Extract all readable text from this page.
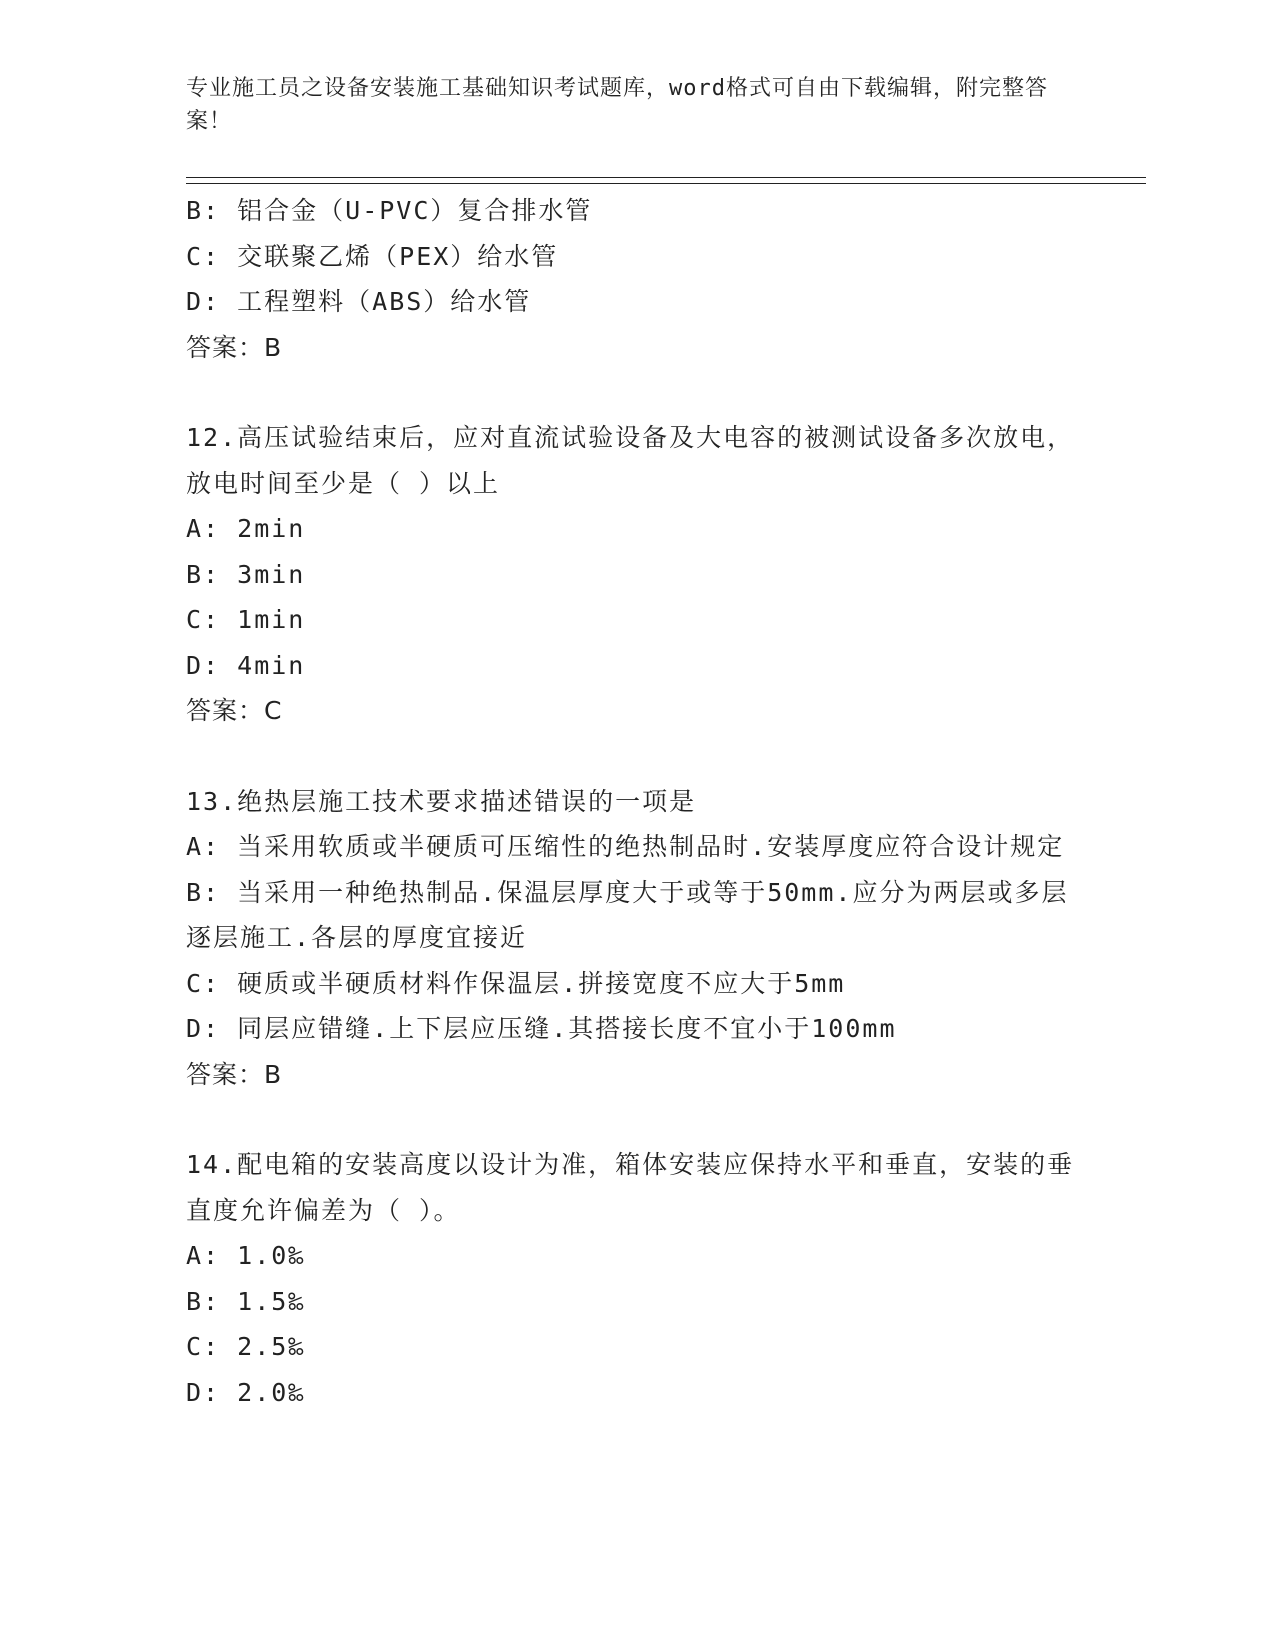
专业施工员之设备安装施工基础知识考试题库，word格式可自由下载编辑，附完整答案！

B: 铝合金（U-PVC）复合排水管

C: 交联聚乙烯（PEX）给水管

D: 工程塑料（ABS）给水管

答案：B

12.高压试验结束后，应对直流试验设备及大电容的被测试设备多次放电，放电时间至少是（ ）以上

A: 2min

B: 3min

C: 1min

D: 4min

答案：C

13.绝热层施工技术要求描述错误的一项是

A: 当采用软质或半硬质可压缩性的绝热制品时.安装厚度应符合设计规定

B: 当采用一种绝热制品.保温层厚度大于或等于50mm.应分为两层或多层逐层施工.各层的厚度宜接近

C: 硬质或半硬质材料作保温层.拼接宽度不应大于5mm

D: 同层应错缝.上下层应压缝.其搭接长度不宜小于100mm

答案：B

14.配电箱的安装高度以设计为准，箱体安装应保持水平和垂直，安装的垂直度允许偏差为（ ）。

A: 1.0‰

B: 1.5‰

C: 2.5‰

D: 2.0‰
